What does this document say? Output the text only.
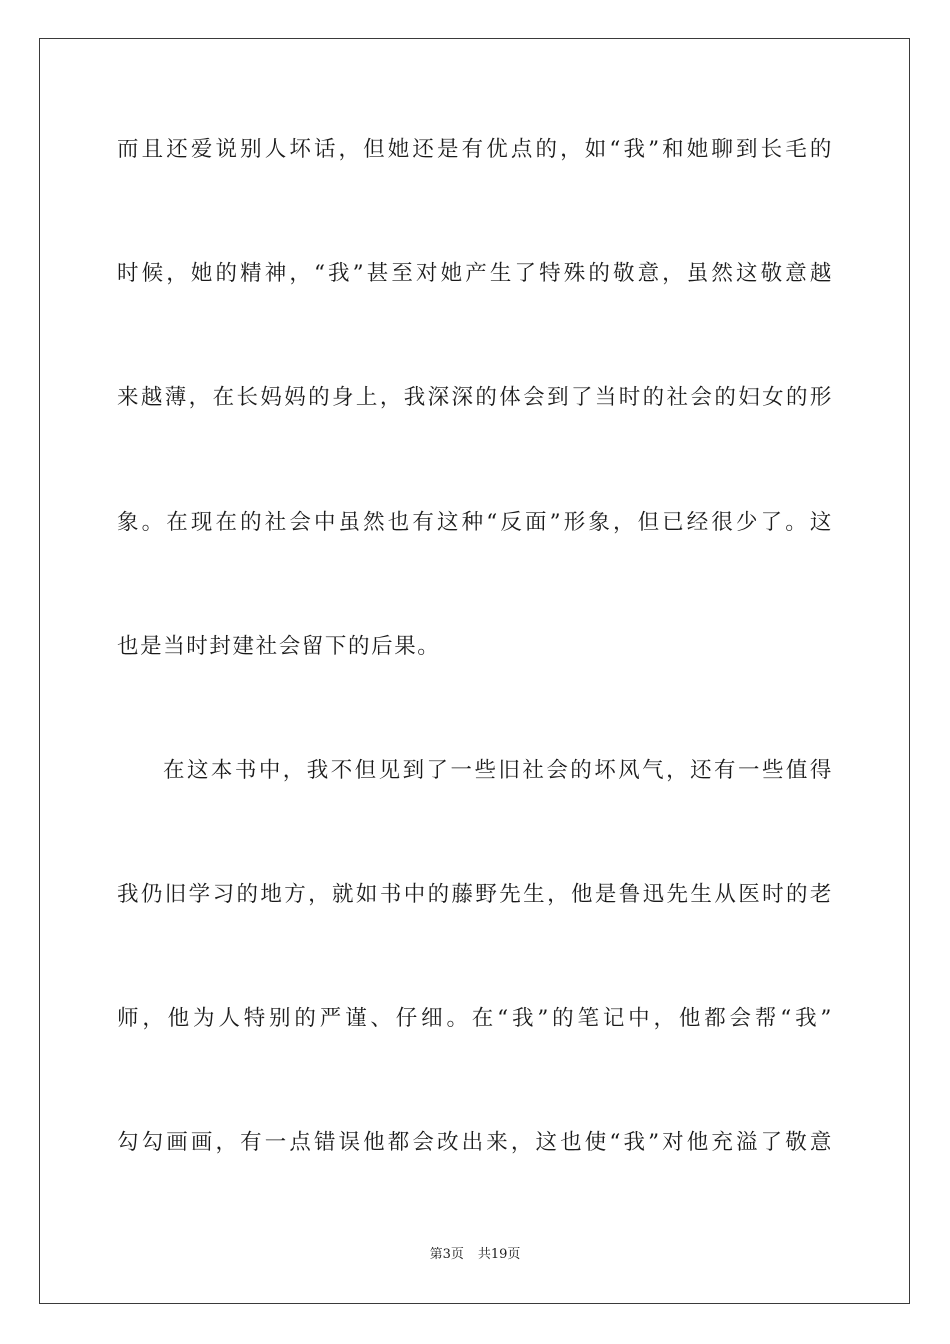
而且还爱说别人坏话，但她还是有优点的，如“我”和她聊到长毛的
时候，她的精神，“我”甚至对她产生了特殊的敬意，虽然这敬意越
来越薄，在长妈妈的身上，我深深的体会到了当时的社会的妇女的形
象。在现在的社会中虽然也有这种“反面”形象，但已经很少了。这
也是当时封建社会留下的后果。
在这本书中，我不但见到了一些旧社会的坏风气，还有一些值得
我仍旧学习的地方，就如书中的藤野先生，他是鲁迅先生从医时的老
师，他为人特别的严谨、仔细。在“我”的笔记中，他都会帮“我”
勾勾画画，有一点错误他都会改出来，这也使“我”对他充溢了敬意
第3页 共19页
